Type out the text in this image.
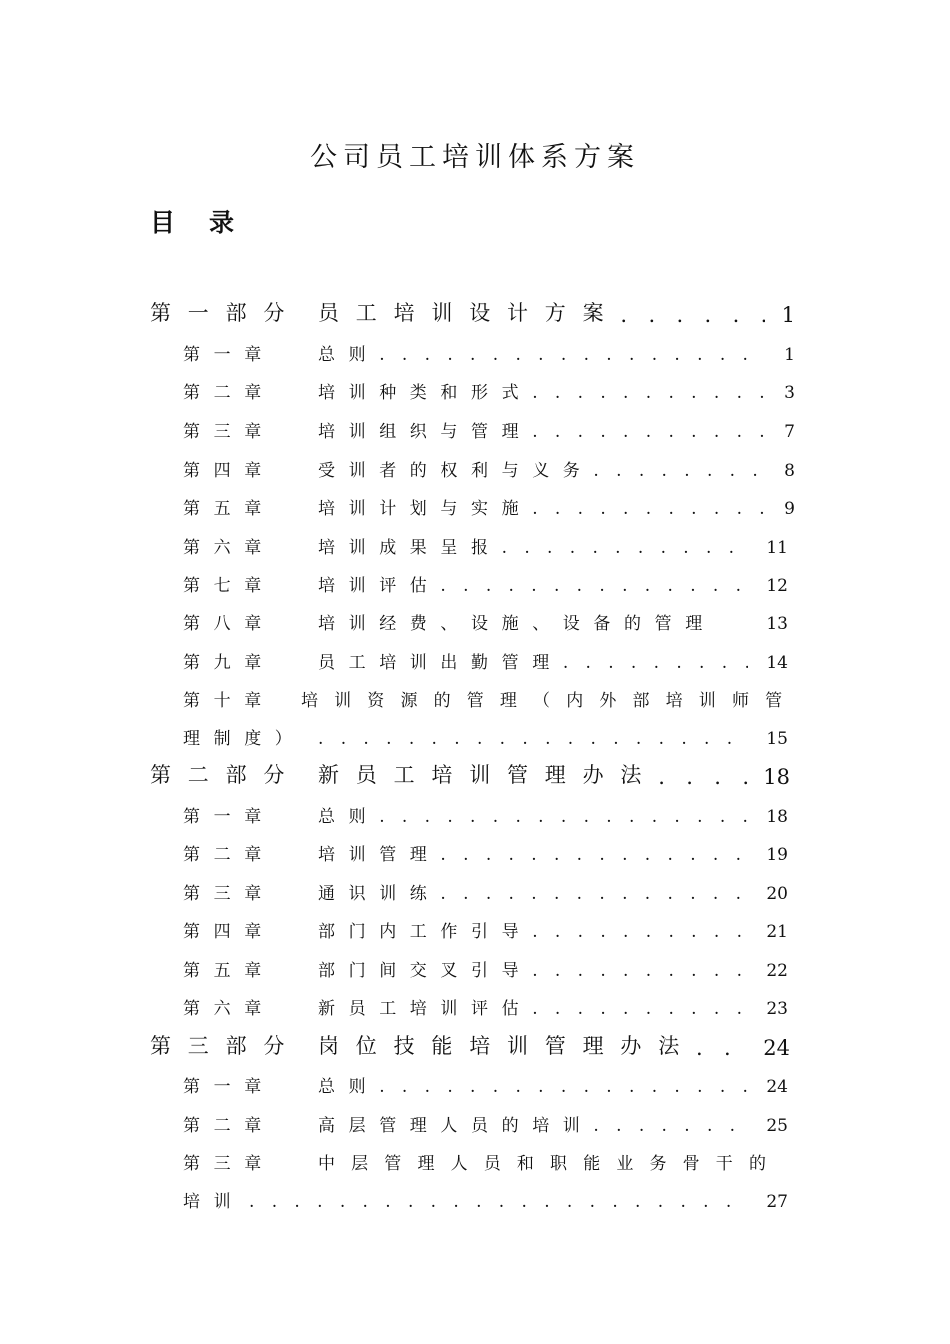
公司员工培训体系方案
目录
第一部分 员工培训设计方案 . . .	1
第一章	总则 . . .	1
第二章	培训种类和形式 . . .	3
第三章	培训组织与管理 . . .	7
第四章	受训者的权利与义务 . . .	8
第五章	培训计划与实施 . . .	9
第六章	培训成果呈报 . . .	11
第七章	培训评估 . . .	12
第八章	培训经费、设施、设备的管理	13
第九章	员工培训出勤管理 . . .	14
第十章	培训资源的管理（内外部培训师管
理制度） . . .	15
第二部分 新员工培训管理办法 . . .	18
第一章	总则 . . .	18
第二章	培训管理 . . .	19
第三章	通识训练 . . .	20
第四章	部门内工作引导 . . .	21
第五章	部门间交叉引导 . . .	22
第六章	新员工培训评估 . . .	23
第三部分 岗位技能培训管理办法 . . .	24
第一章	总则 . . .	24
第二章	高层管理人员的培训 . . .	25
第三章	中层管理人员和职能业务骨干的
培训 . . .	27
